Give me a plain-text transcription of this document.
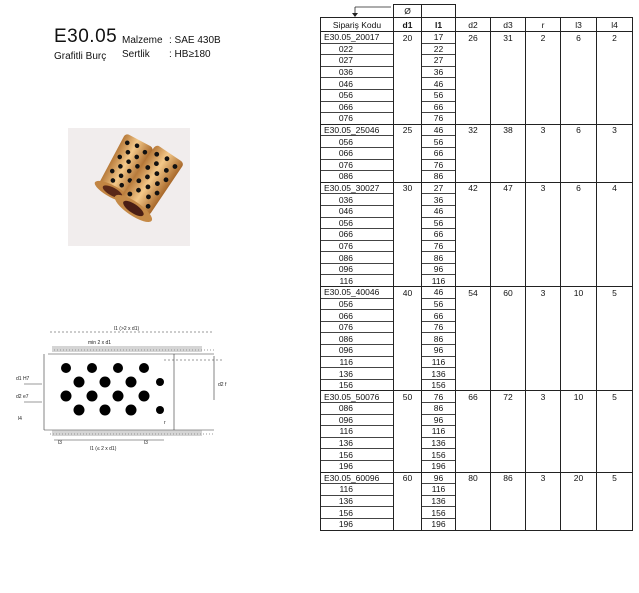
E30.05
Grafitli Burç
Malzeme
Sertlik
: SAE 430B
: HB≥180
l1 (>2 x d1)
min 2 x d1
d1 H7
d2 e7
l3
l4
d2 f
r
l1 (≤ 2 x d1)
l3
	Ø						
Sipariş Kodu	d1	l1	d2	d3	r	l3	l4
E30.05_20017	20	17	26	31	2	6	2
022		22					
027		27					
036		36					
046		46					
056		56					
066		66					
076		76					
E30.05_25046	25	46	32	38	3	6	3
056		56					
066		66					
076		76					
086		86					
E30.05_30027	30	27	42	47	3	6	4
036		36					
046		46					
056		56					
066		66					
076		76					
086		86					
096		96					
116		116					
E30.05_40046	40	46	54	60	3	10	5
056		56					
066		66					
076		76					
086		86					
096		96					
116		116					
136		136					
156		156					
E30.05_50076	50	76	66	72	3	10	5
086		86					
096		96					
116		116					
136		136					
156		156					
196		196					
E30.05_60096	60	96	80	86	3	20	5
116		116					
136		136					
156		156					
196		196					
